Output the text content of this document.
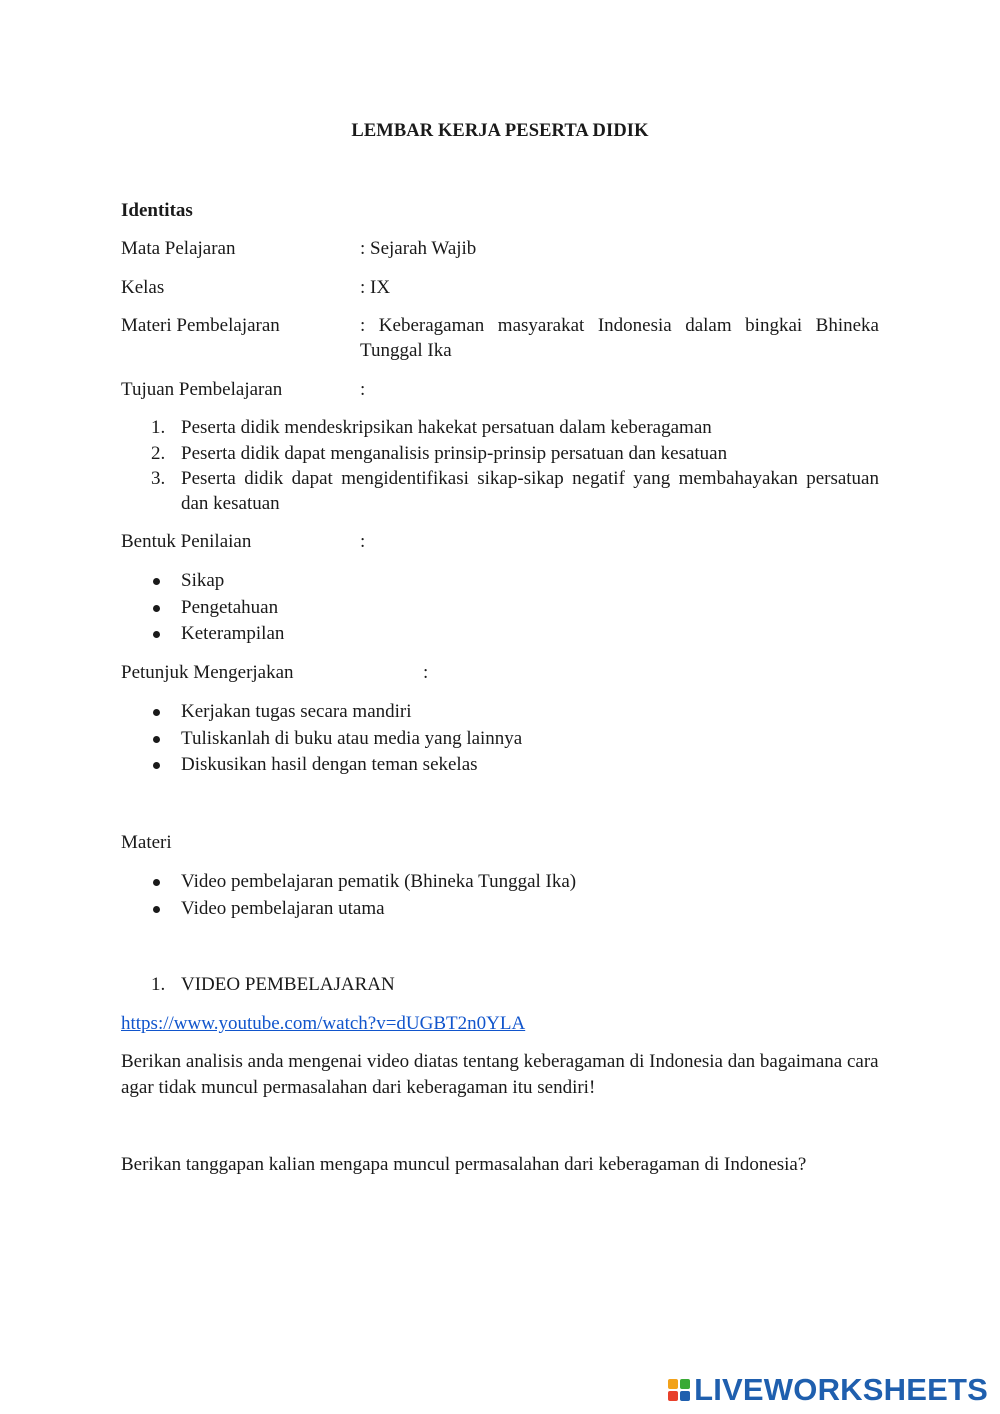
LEMBAR KERJA PESERTA DIDIK
Identitas
Mata Pelajaran	: Sejarah Wajib
Kelas	: IX
Materi Pembelajaran	: Keberagaman masyarakat Indonesia dalam bingkai Bhineka Tunggal Ika
Tujuan Pembelajaran	:
1. Peserta didik mendeskripsikan hakekat persatuan dalam keberagaman
2. Peserta didik dapat menganalisis prinsip-prinsip persatuan dan kesatuan
3. Peserta didik dapat mengidentifikasi sikap-sikap negatif yang membahayakan persatuan dan kesatuan
Bentuk Penilaian	:
Sikap
Pengetahuan
Keterampilan
Petunjuk Mengerjakan	:
Kerjakan tugas secara mandiri
Tuliskanlah di buku atau media yang lainnya
Diskusikan hasil dengan teman sekelas
Materi
Video pembelajaran pematik (Bhineka Tunggal Ika)
Video pembelajaran utama
1. VIDEO PEMBELAJARAN
https://www.youtube.com/watch?v=dUGBT2n0YLA
Berikan analisis anda mengenai video diatas tentang keberagaman di Indonesia dan bagaimana cara agar tidak muncul permasalahan dari keberagaman itu sendiri!
Berikan tanggapan kalian mengapa muncul permasalahan dari keberagaman di Indonesia?
LIVEWORKSHEETS
